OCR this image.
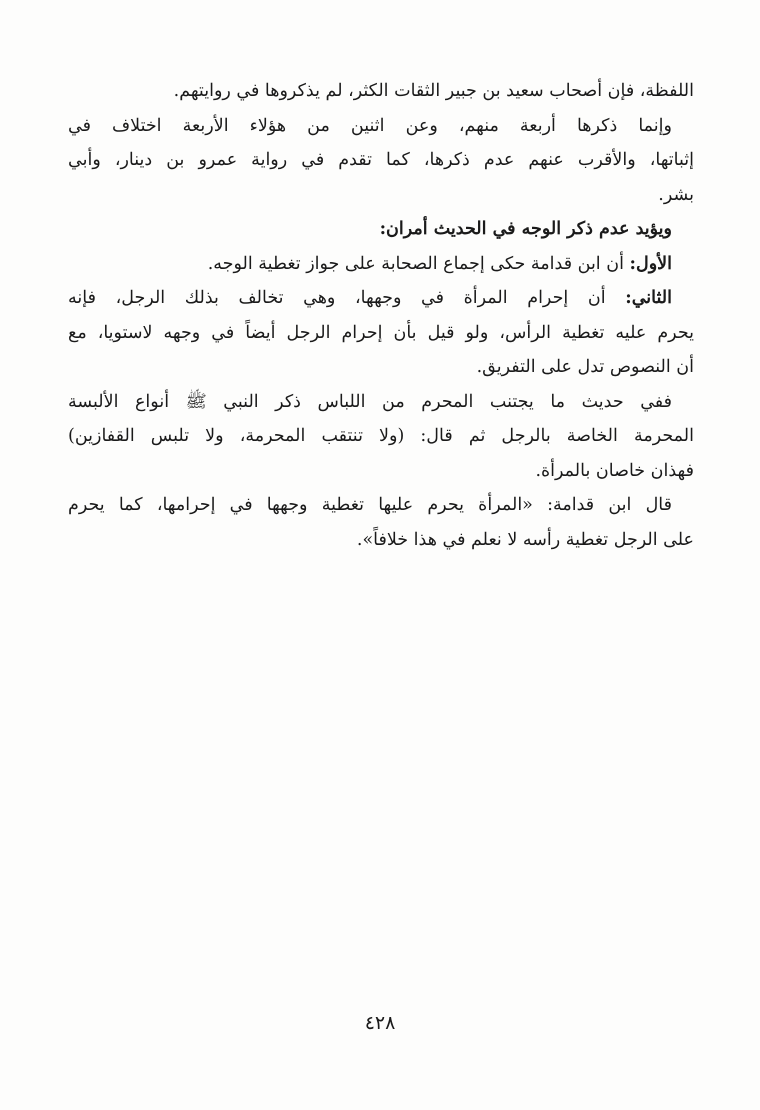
اللفظة، فإن أصحاب سعيد بن جبير الثقات الكثر، لم يذكروها في روايتهم.
وإنما ذكرها أربعة منهم، وعن اثنين من هؤلاء الأربعة اختلاف في
إثباتها، والأقرب عنهم عدم ذكرها، كما تقدم في رواية عمرو بن دينار، وأبي
بشر.
ويؤيد عدم ذكر الوجه في الحديث أمران:
الأول: أن ابن قدامة حكى إجماع الصحابة على جواز تغطية الوجه.
الثاني: أن إحرام المرأة في وجهها، وهي تخالف بذلك الرجل، فإنه
يحرم عليه تغطية الرأس، ولو قيل بأن إحرام الرجل أيضاً في وجهه لاستويا، مع
أن النصوص تدل على التفريق.
ففي حديث ما يجتنب المحرم من اللباس ذكر النبي ﷺ أنواع الألبسة
المحرمة الخاصة بالرجل ثم قال: (ولا تنتقب المحرمة، ولا تلبس القفازين)
فهذان خاصان بالمرأة.
قال ابن قدامة: «المرأة يحرم عليها تغطية وجهها في إحرامها، كما يحرم
على الرجل تغطية رأسه لا نعلم في هذا خلافاً».
٤٢٨
